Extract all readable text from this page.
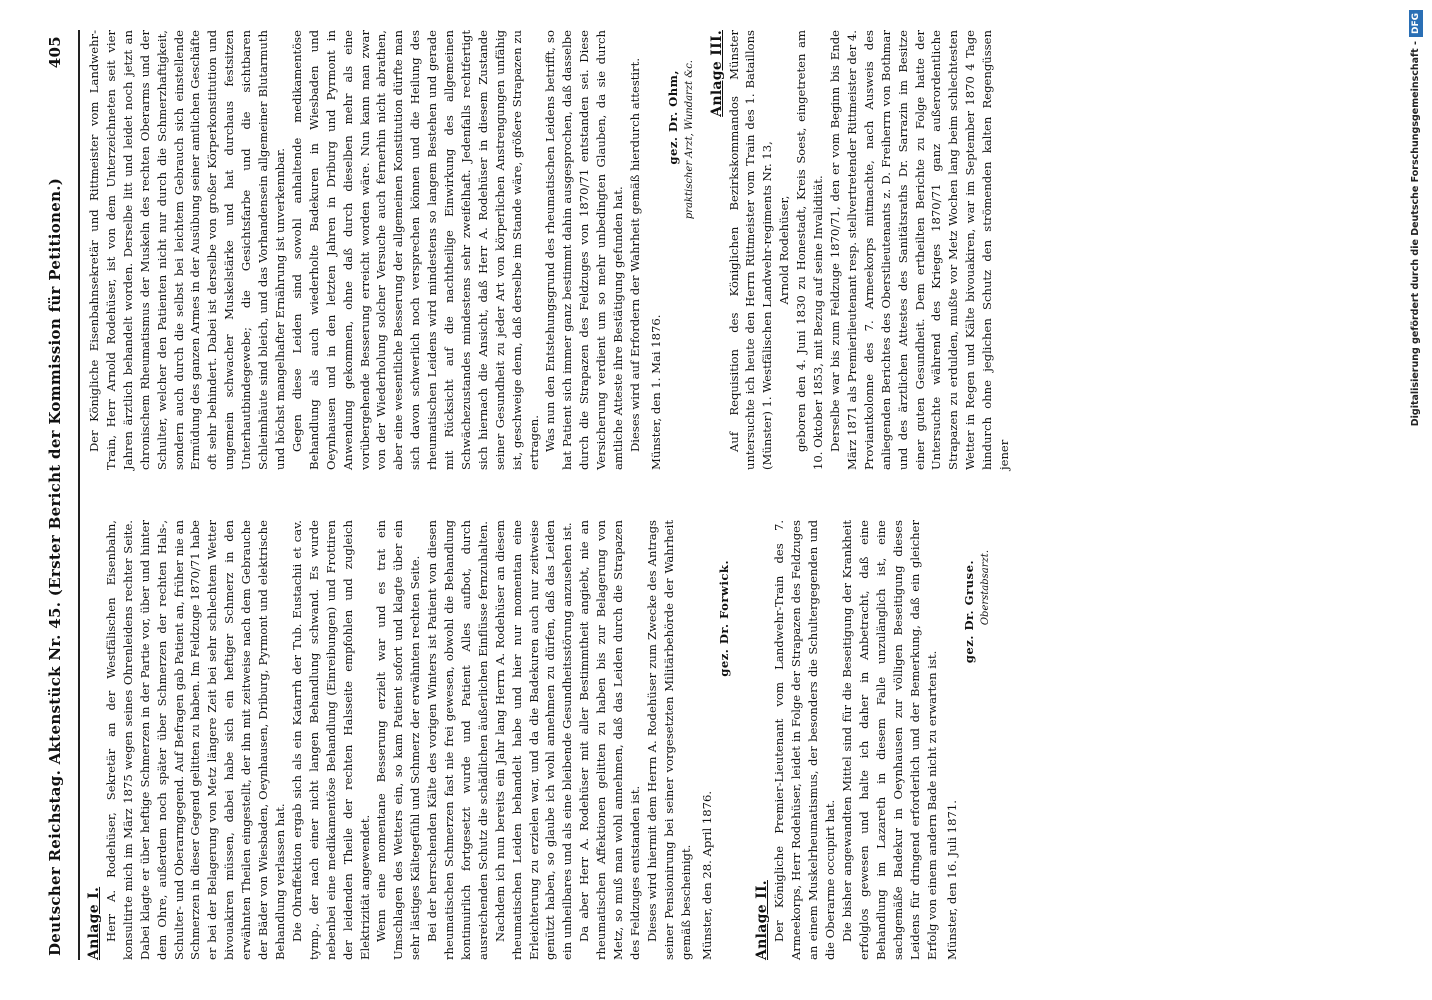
Deutscher Reichstag. Aktenstück Nr. 45. (Erster Bericht der Kommission für Petitionen.)
405

Anlage I. Herr A. Rodehüser, Sekretär an der Westfälischen Eisenbahn, konsultirte mich im März 1875 wegen seines Ohrenleidens rechter Seite. Dabei klagte er über heftige Schmerzen in der Partie vor, über und hinter dem Ohre, außerdem noch später über Schmerzen der rechten Hals-, Schulter- und Oberarmgegend. Auf Befragen gab Patient an, früher nie an Schmerzen in dieser Gegend gelitten zu haben. Im Feldzuge 1870/71 habe er bei der Belagerung von Metz längere Zeit bei sehr schlechtem Wetter bivouakiren müssen, dabei habe sich ein heftiger Schmerz in den erwähnten Theilen eingestellt, der ihn mit zeitweise nach dem Gebrauche der Bäder von Wiesbaden, Oeynhausen, Driburg, Pyrmont und elektrische Behandlung verlassen hat. Die Ohraffektion ergab sich als ein Katarrh der Tub. Eustachii et cav. tymp., der nach einer nicht langen Behandlung schwand. Es wurde nebenbei eine medikamentöse Behandlung (Einreibungen) und Frottiren der leidenden Theile der rechten Halsseite empfohlen und zugleich Elektrizität angewendet. Wenn eine momentane Besserung erzielt war und es trat ein Umschlagen des Wetters ein, so kam Patient sofort und klagte über ein sehr lästiges Kältegefühl und Schmerz der erwähnten rechten Seite. Bei der herrschenden Kälte des vorigen Winters ist Patient von diesen rheumatischen Schmerzen fast nie frei gewesen, obwohl die Behandlung kontinuirlich fortgesetzt wurde und Patient Alles aufbot, durch ausreichenden Schutz die schädlichen äußerlichen Einflüsse fernzuhalten. Nachdem ich nun bereits ein Jahr lang Herrn A. Rodehüser an diesem rheumatischen Leiden behandelt habe und hier nur momentan eine Erleichterung zu erzielen war, und da die Badekuren auch nur zeitweise genützt haben, so glaube ich wohl annehmen zu dürfen, daß das Leiden ein unheilbares und als eine bleibende Gesundheitsstörung anzusehen ist. Da aber Herr A. Rodehüser mit aller Bestimmtheit angiebt, nie an rheumatischen Affektionen gelitten zu haben bis zur Belagerung von Metz, so muß man wohl annehmen, daß das Leiden durch die Strapazen des Feldzuges entstanden ist. Dieses wird hiermit dem Herrn A. Rodehüser zum Zwecke des Antrags seiner Pensionirung bei seiner vorgesetzten Militärbehörde der Wahrheit gemäß bescheinigt. Münster, den 28. April 1876.

gez. Dr. Forwick.

Anlage II. Der Königliche Premier-Lieutenant vom Landwehr-Train des 7. Armeekorps, Herr Rodehüser, leidet in Folge der Strapazen des Feldzuges an einem Muskelrheumatismus, der besonders die Schultergegenden und die Oberarme occupirt hat. Die bisher angewandten Mittel sind für die Beseitigung der Krankheit erfolglos gewesen und halte ich daher in Anbetracht, daß eine Behandlung im Lazareth in diesem Falle unzulänglich ist, eine sachgemäße Badekur in Oeynhausen zur völligen Beseitigung dieses Leidens für dringend erforderlich und der Bemerkung, daß ein gleicher Erfolg von einem andern Bade nicht zu erwarten ist. Münster, den 16. Juli 1871.

gez. Dr. Gruse. Oberstabsarzt.

Der Königliche Eisenbahnsekretär und Rittmeister vom Landwehr-Train, Herr Arnold Rodehüser, ist von dem Unterzeichneten seit vier Jahren ärztlich behandelt worden. Derselbe litt und leidet noch jetzt an chronischem Rheumatismus der Muskeln des rechten Oberarms und der Schulter, welcher den Patienten nicht nur durch die Schmerzhaftigkeit, sondern auch durch die selbst bei leichtem Gebrauch sich einstellende Ermüdung des ganzen Armes in der Ausübung seiner amtlichen Geschäfte oft sehr behindert. Dabei ist derselbe von großer Körperkonstitution und ungemein schwacher Muskelstärke und hat durchaus festsitzen Unterhautbindegewebe; die Gesichtsfarbe und die sichtbaren Schleimhäute sind bleich, und das Vorhandensein allgemeiner Blutarmuth und höchst mangelhafter Ernährung ist unverkennbar. Gegen diese Leiden sind sowohl anhaltende medikamentöse Behandlung als auch wiederholte Badekuren in Wiesbaden und Oeynhausen und in den letzten Jahren in Driburg und Pyrmont in Anwendung gekommen, ohne daß durch dieselben mehr als eine vorübergehende Besserung erreicht worden wäre. Nun kann man zwar von der Wiederholung solcher Versuche auch fernerhin nicht abrathen, aber eine wesentliche Besserung der allgemeinen Konstitution dürfte man sich davon schwerlich noch versprechen können und die Heilung des rheumatischen Leidens wird mindestens so langem Bestehen und gerade mit Rücksicht auf die nachtheilige Einwirkung des allgemeinen Schwächezustandes mindestens sehr zweifelhaft. Jedenfalls rechtfertigt sich hiernach die Ansicht, daß Herr A. Rodehüser in diesem Zustande seiner Gesundheit zu jeder Art von körperlichen Anstrengungen unfähig ist, geschweige denn, daß derselbe im Stande wäre, größere Strapazen zu ertragen. Was nun den Entstehungsgrund des rheumatischen Leidens betrifft, so hat Patient sich immer ganz bestimmt dahin ausgesprochen, daß dasselbe durch die Strapazen des Feldzuges von 1870/71 entstanden sei. Diese Versicherung verdient um so mehr unbedingten Glauben, da sie durch amtliche Atteste ihre Bestätigung gefunden hat. Dieses wird auf Erfordern der Wahrheit gemäß hierdurch attestirt. Münster, den 1. Mai 1876.

gez. Dr. Ohm, praktischer Arzt, Wundarzt &c. Anlage III. Auf Requisition des Königlichen Bezirkskommandos Münster untersuchte ich heute den Herrn Rittmeister vom Train des 1. Bataillons (Münster) 1. Westfälischen Landwehr-regiments Nr. 13, Arnold Rodehüser, geboren den 4. Juni 1830 zu Honestadt, Kreis Soest, eingetreten am 10. Oktober 1853, mit Bezug auf seine Invalidität. Derselbe war bis zum Feldzuge 1870/71, den er vom Beginn bis Ende März 1871 als Premierlieutenant resp. stellvertretender Rittmeister der 4. Proviantkolonne des 7. Armeekorps mitmachte, nach Ausweis des anliegenden Berichtes des Oberstlieutenants z. D. Freiherrn von Bothmar und des ärztlichen Attestes des Sanitätsraths Dr. Sarrazin im Besitze einer guten Gesundheit. Dem ertheilten Berichte zu Folge hatte der Untersuchte während des Krieges 1870/71 ganz außerordentliche Strapazen zu erdulden, mußte vor Metz Wochen lang beim schlechtesten Wetter in Regen und Kälte bivouakiren, war im September 1870 4 Tage hindurch ohne jeglichen Schutz den strömenden kalten Regengüssen jener

Digitalisierung gefördert durch die Deutsche Forschungsgemeinschaft -DFG
